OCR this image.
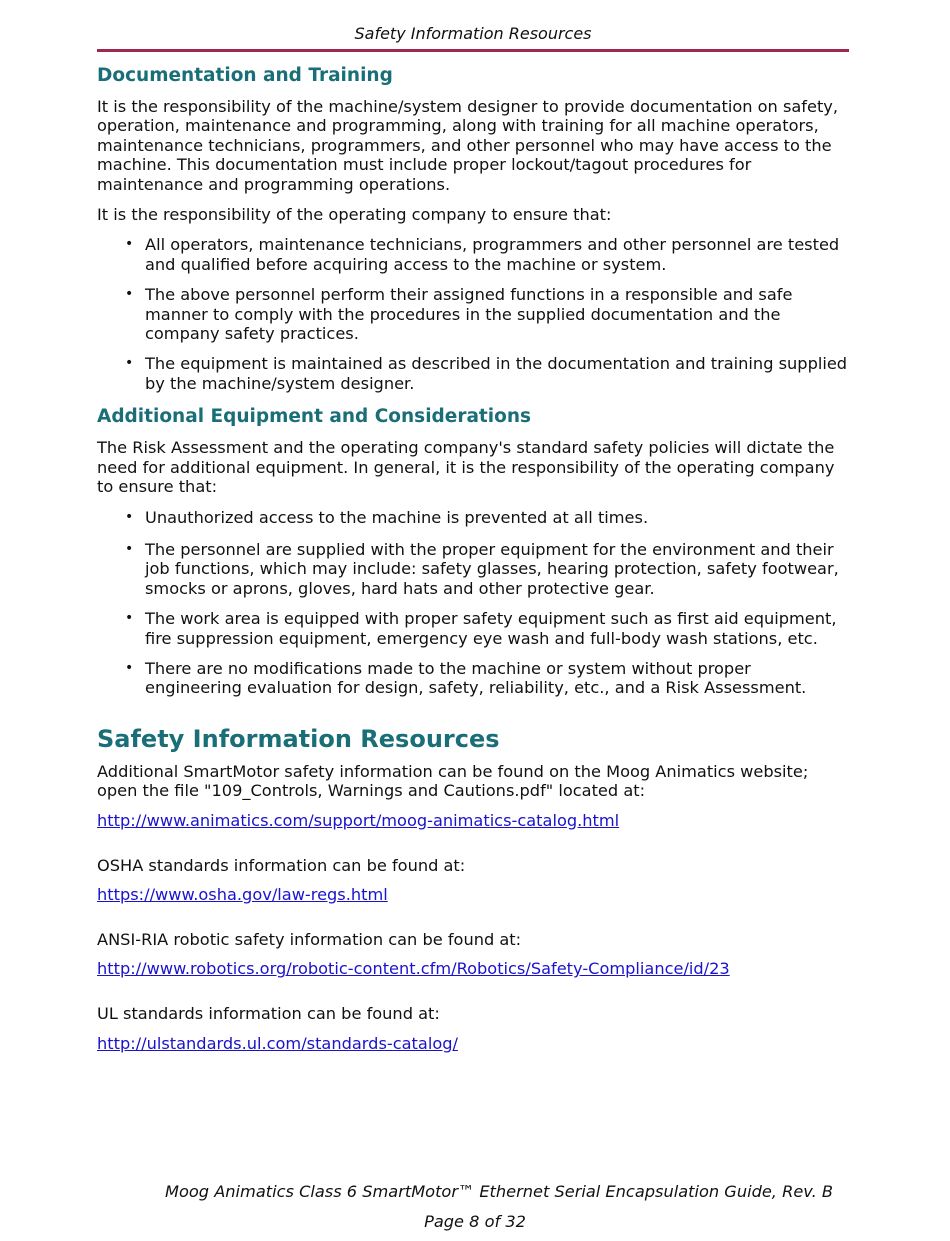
Safety Information Resources
Documentation and Training

It is the responsibility of the machine/system designer to provide documentation on safety, operation, maintenance and programming, along with training for all machine operators, maintenance technicians, programmers, and other personnel who may have access to the machine. This documentation must include proper lockout/tagout procedures for maintenance and programming operations.

It is the responsibility of the operating company to ensure that:

• All operators, maintenance technicians, programmers and other personnel are tested and qualified before acquiring access to the machine or system.
• The above personnel perform their assigned functions in a responsible and safe manner to comply with the procedures in the supplied documentation and the company safety practices.
• The equipment is maintained as described in the documentation and training supplied by the machine/system designer.
Additional Equipment and Considerations

The Risk Assessment and the operating company's standard safety policies will dictate the need for additional equipment. In general, it is the responsibility of the operating company to ensure that:

• Unauthorized access to the machine is prevented at all times.
• The personnel are supplied with the proper equipment for the environment and their job functions, which may include: safety glasses, hearing protection, safety footwear, smocks or aprons, gloves, hard hats and other protective gear.
• The work area is equipped with proper safety equipment such as first aid equipment, fire suppression equipment, emergency eye wash and full-body wash stations, etc.
• There are no modifications made to the machine or system without proper engineering evaluation for design, safety, reliability, etc., and a Risk Assessment.
Safety Information Resources

Additional SmartMotor safety information can be found on the Moog Animatics website; open the file "109_Controls, Warnings and Cautions.pdf" located at:

http://www.animatics.com/support/moog-animatics-catalog.html

OSHA standards information can be found at:

https://www.osha.gov/law-regs.html

ANSI-RIA robotic safety information can be found at:

http://www.robotics.org/robotic-content.cfm/Robotics/Safety-Compliance/id/23

UL standards information can be found at:

http://ulstandards.ul.com/standards-catalog/
Moog Animatics Class 6 SmartMotor™ Ethernet Serial Encapsulation Guide, Rev. B
Page 8 of 32
